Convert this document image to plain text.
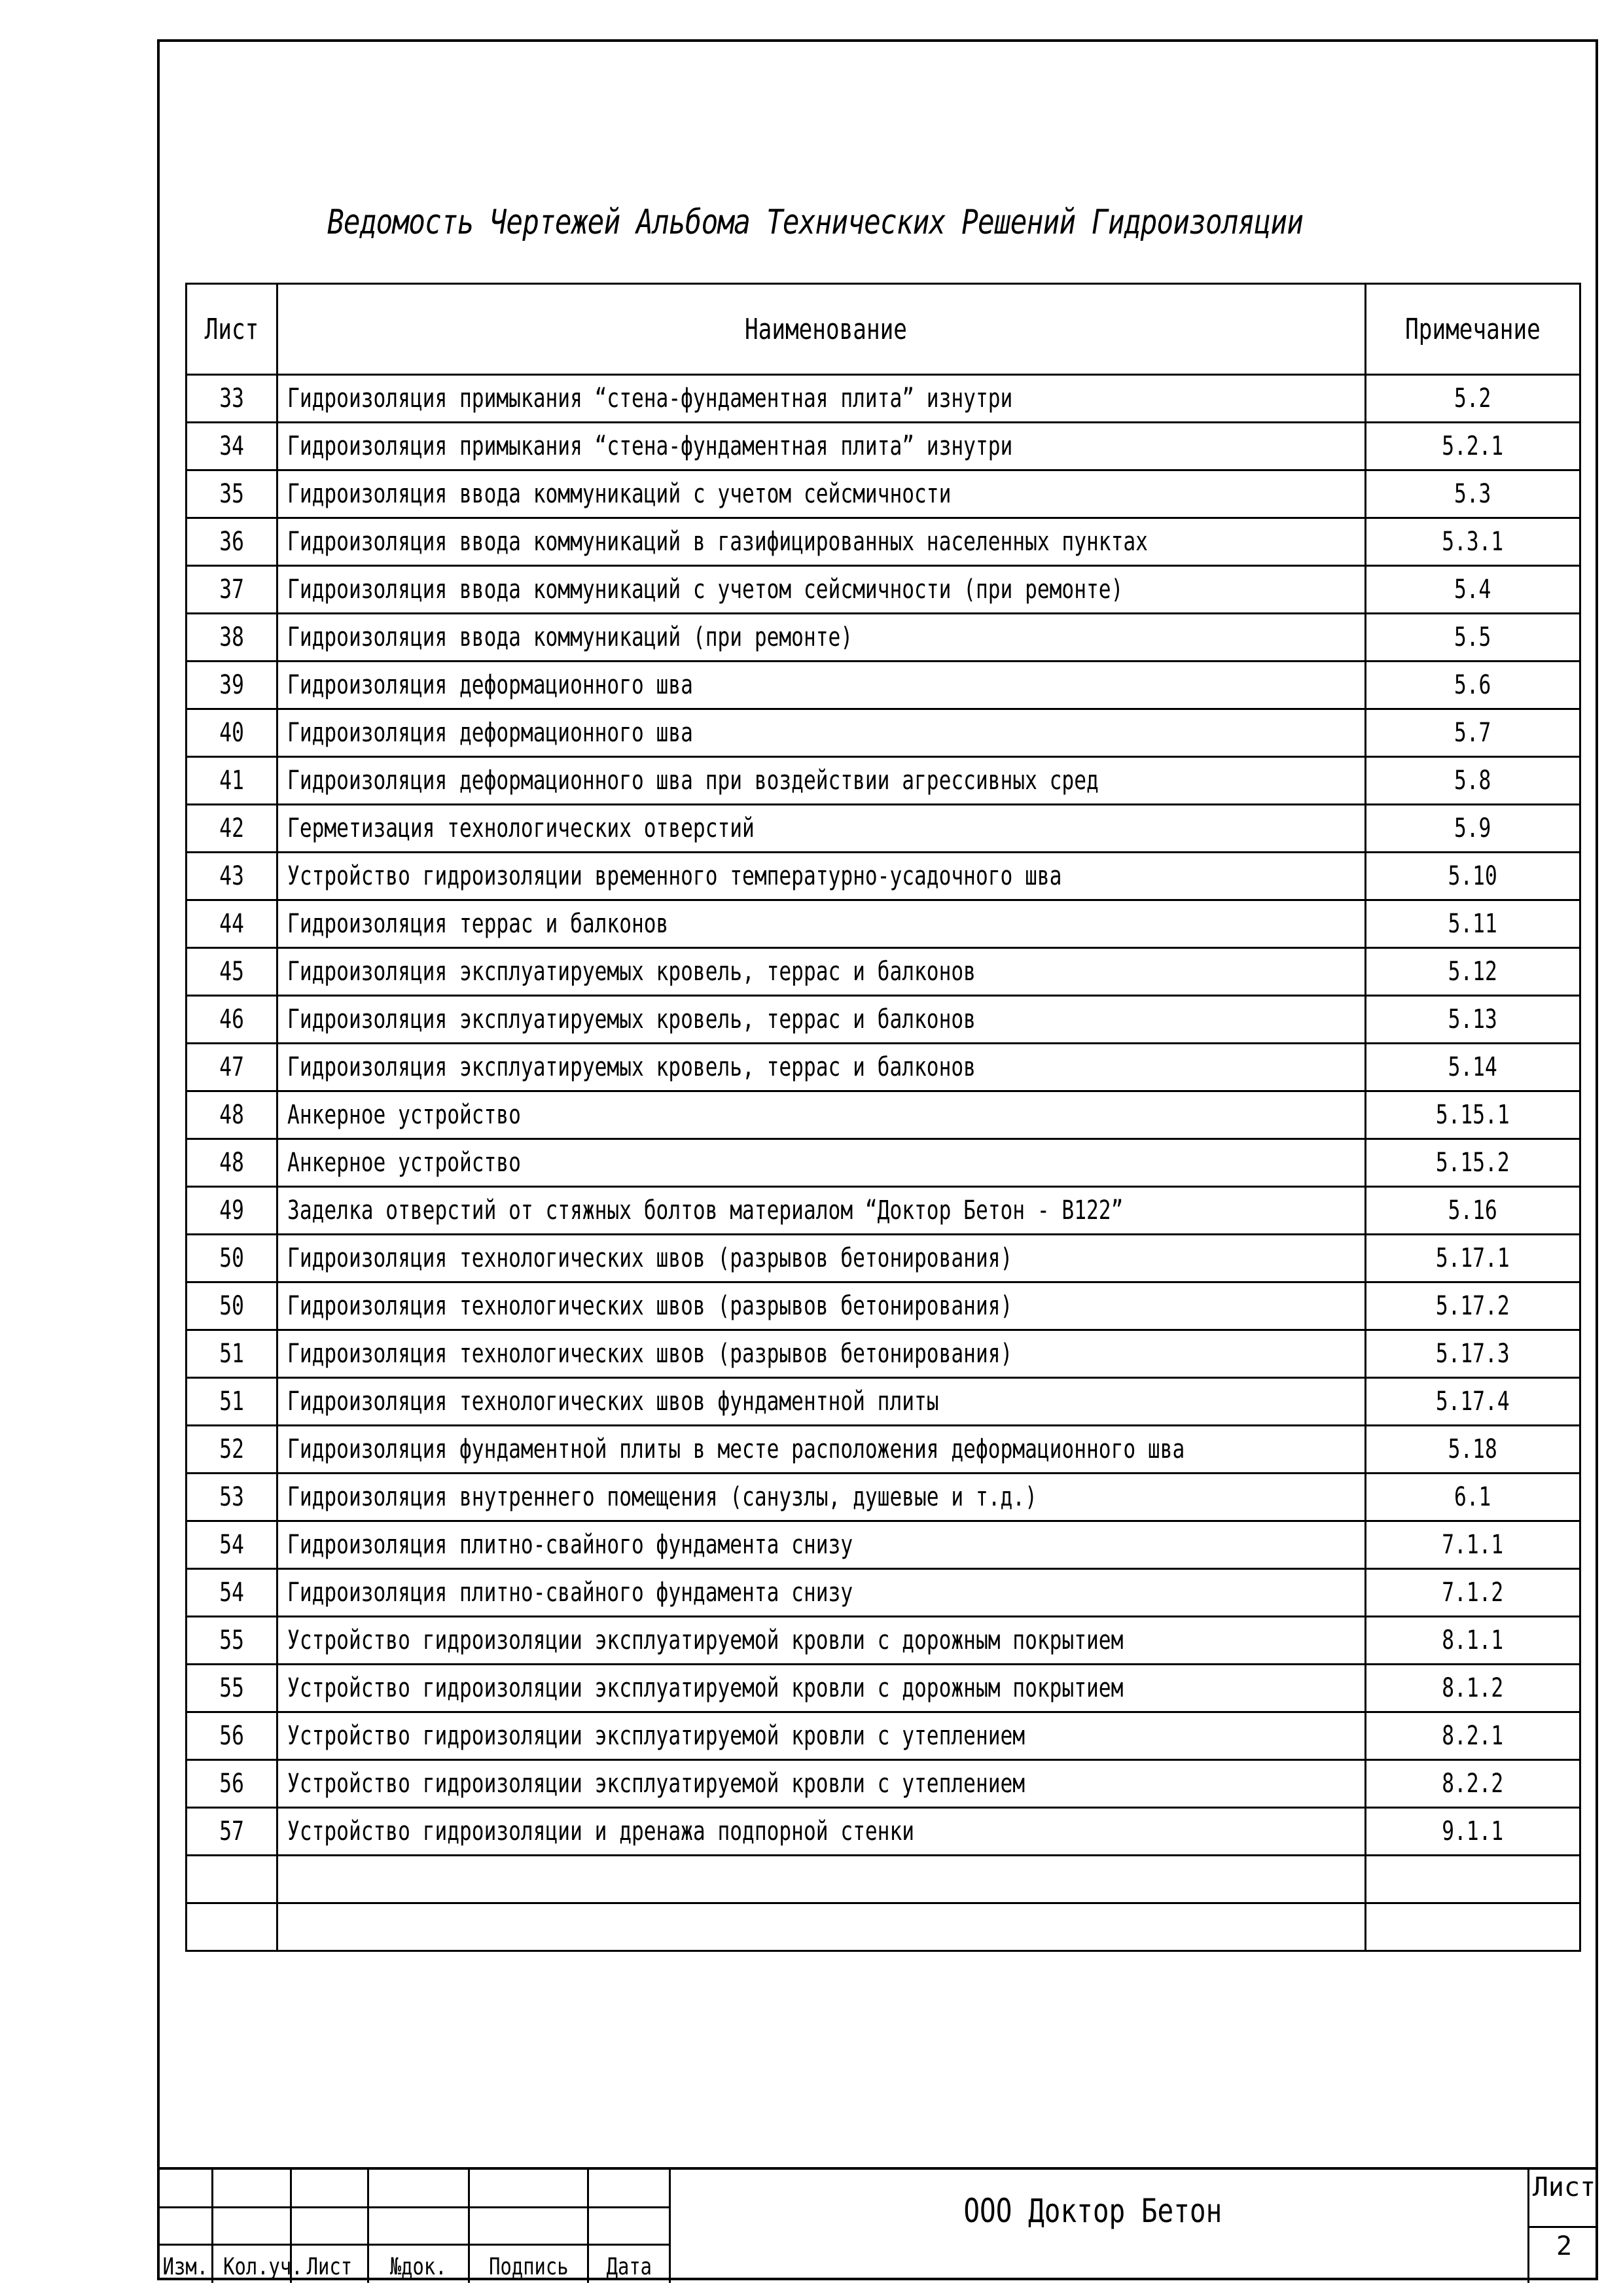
Ведомость Чертежей Альбома Технических Решений Гидроизоляции
Лист	Наименование	Примечание
33	Гидроизоляция примыкания “стена-фундаментная плита” изнутри	5.2
34	Гидроизоляция примыкания “стена-фундаментная плита” изнутри	5.2.1
35	Гидроизоляция ввода коммуникаций с учетом сейсмичности	5.3
36	Гидроизоляция ввода коммуникаций в газифицированных населенных пунктах	5.3.1
37	Гидроизоляция ввода коммуникаций с учетом сейсмичности (при ремонте)	5.4
38	Гидроизоляция ввода коммуникаций (при ремонте)	5.5
39	Гидроизоляция деформационного шва	5.6
40	Гидроизоляция деформационного шва	5.7
41	Гидроизоляция деформационного шва при воздействии агрессивных сред	5.8
42	Герметизация технологических отверстий	5.9
43	Устройство гидроизоляции временного температурно-усадочного шва	5.10
44	Гидроизоляция террас и балконов	5.11
45	Гидроизоляция эксплуатируемых кровель, террас и балконов	5.12
46	Гидроизоляция эксплуатируемых кровель, террас и балконов	5.13
47	Гидроизоляция эксплуатируемых кровель, террас и балконов	5.14
48	Анкерное устройство	5.15.1
48	Анкерное устройство	5.15.2
49	Заделка отверстий от стяжных болтов материалом “Доктор Бетон - В122”	5.16
50	Гидроизоляция технологических швов (разрывов бетонирования)	5.17.1
50	Гидроизоляция технологических швов (разрывов бетонирования)	5.17.2
51	Гидроизоляция технологических швов (разрывов бетонирования)	5.17.3
51	Гидроизоляция технологических швов фундаментной плиты	5.17.4
52	Гидроизоляция фундаментной плиты в месте расположения деформационного шва	5.18
53	Гидроизоляция внутреннего помещения (санузлы, душевые и т.д.)	6.1
54	Гидроизоляция плитно-свайного фундамента снизу	7.1.1
54	Гидроизоляция плитно-свайного фундамента снизу	7.1.2
55	Устройство гидроизоляции эксплуатируемой кровли с дорожным покрытием	8.1.1
55	Устройство гидроизоляции эксплуатируемой кровли с дорожным покрытием	8.1.2
56	Устройство гидроизоляции эксплуатируемой кровли с утеплением	8.2.1
56	Устройство гидроизоляции эксплуатируемой кровли с утеплением	8.2.2
57	Устройство гидроизоляции и дренажа подпорной стенки	9.1.1

Изм. Кол.уч. Лист	№док.	Подпись	Дата
ООО Доктор Бетон
Лист
2
